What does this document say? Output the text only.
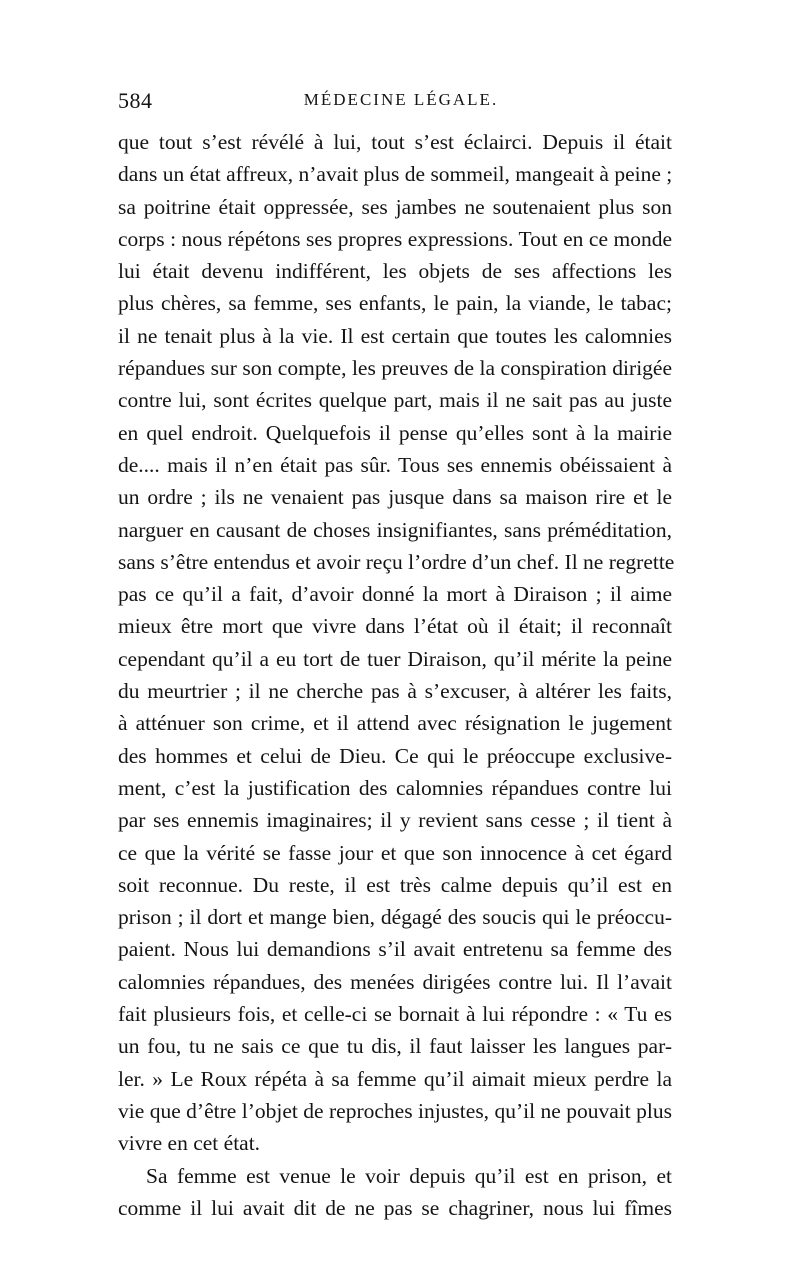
584	MÉDECINE LÉGALE.
que tout s’est révélé à lui, tout s’est éclairci. Depuis il était
dans un état affreux, n’avait plus de sommeil, mangeait à peine ;
sa poitrine était oppressée, ses jambes ne soutenaient plus son
corps : nous répétons ses propres expressions. Tout en ce monde
lui était devenu indifférent, les objets de ses affections les
plus chères, sa femme, ses enfants, le pain, la viande, le tabac;
il ne tenait plus à la vie. Il est certain que toutes les calomnies
répandues sur son compte, les preuves de la conspiration dirigée
contre lui, sont écrites quelque part, mais il ne sait pas au juste
en quel endroit. Quelquefois il pense qu’elles sont à la mairie
de.... mais il n’en était pas sûr. Tous ses ennemis obéissaient à
un ordre ; ils ne venaient pas jusque dans sa maison rire et le
narguer en causant de choses insignifiantes, sans préméditation,
sans s’être entendus et avoir reçu l’ordre d’un chef. Il ne regrette
pas ce qu’il a fait, d’avoir donné la mort à Diraison ; il aime
mieux être mort que vivre dans l’état où il était; il reconnaît
cependant qu’il a eu tort de tuer Diraison, qu’il mérite la peine
du meurtrier ; il ne cherche pas à s’excuser, à altérer les faits,
à atténuer son crime, et il attend avec résignation le jugement
des hommes et celui de Dieu. Ce qui le préoccupe exclusive-
ment, c’est la justification des calomnies répandues contre lui
par ses ennemis imaginaires; il y revient sans cesse ; il tient à
ce que la vérité se fasse jour et que son innocence à cet égard
soit reconnue. Du reste, il est très calme depuis qu’il est en
prison ; il dort et mange bien, dégagé des soucis qui le préoccu-
paient. Nous lui demandions s’il avait entretenu sa femme des
calomnies répandues, des menées dirigées contre lui. Il l’avait
fait plusieurs fois, et celle-ci se bornait à lui répondre : « Tu es
un fou, tu ne sais ce que tu dis, il faut laisser les langues par-
ler. » Le Roux répéta à sa femme qu’il aimait mieux perdre la
vie que d’être l’objet de reproches injustes, qu’il ne pouvait plus
vivre en cet état.
Sa femme est venue le voir depuis qu’il est en prison, et
comme il lui avait dit de ne pas se chagriner, nous lui fîmes
